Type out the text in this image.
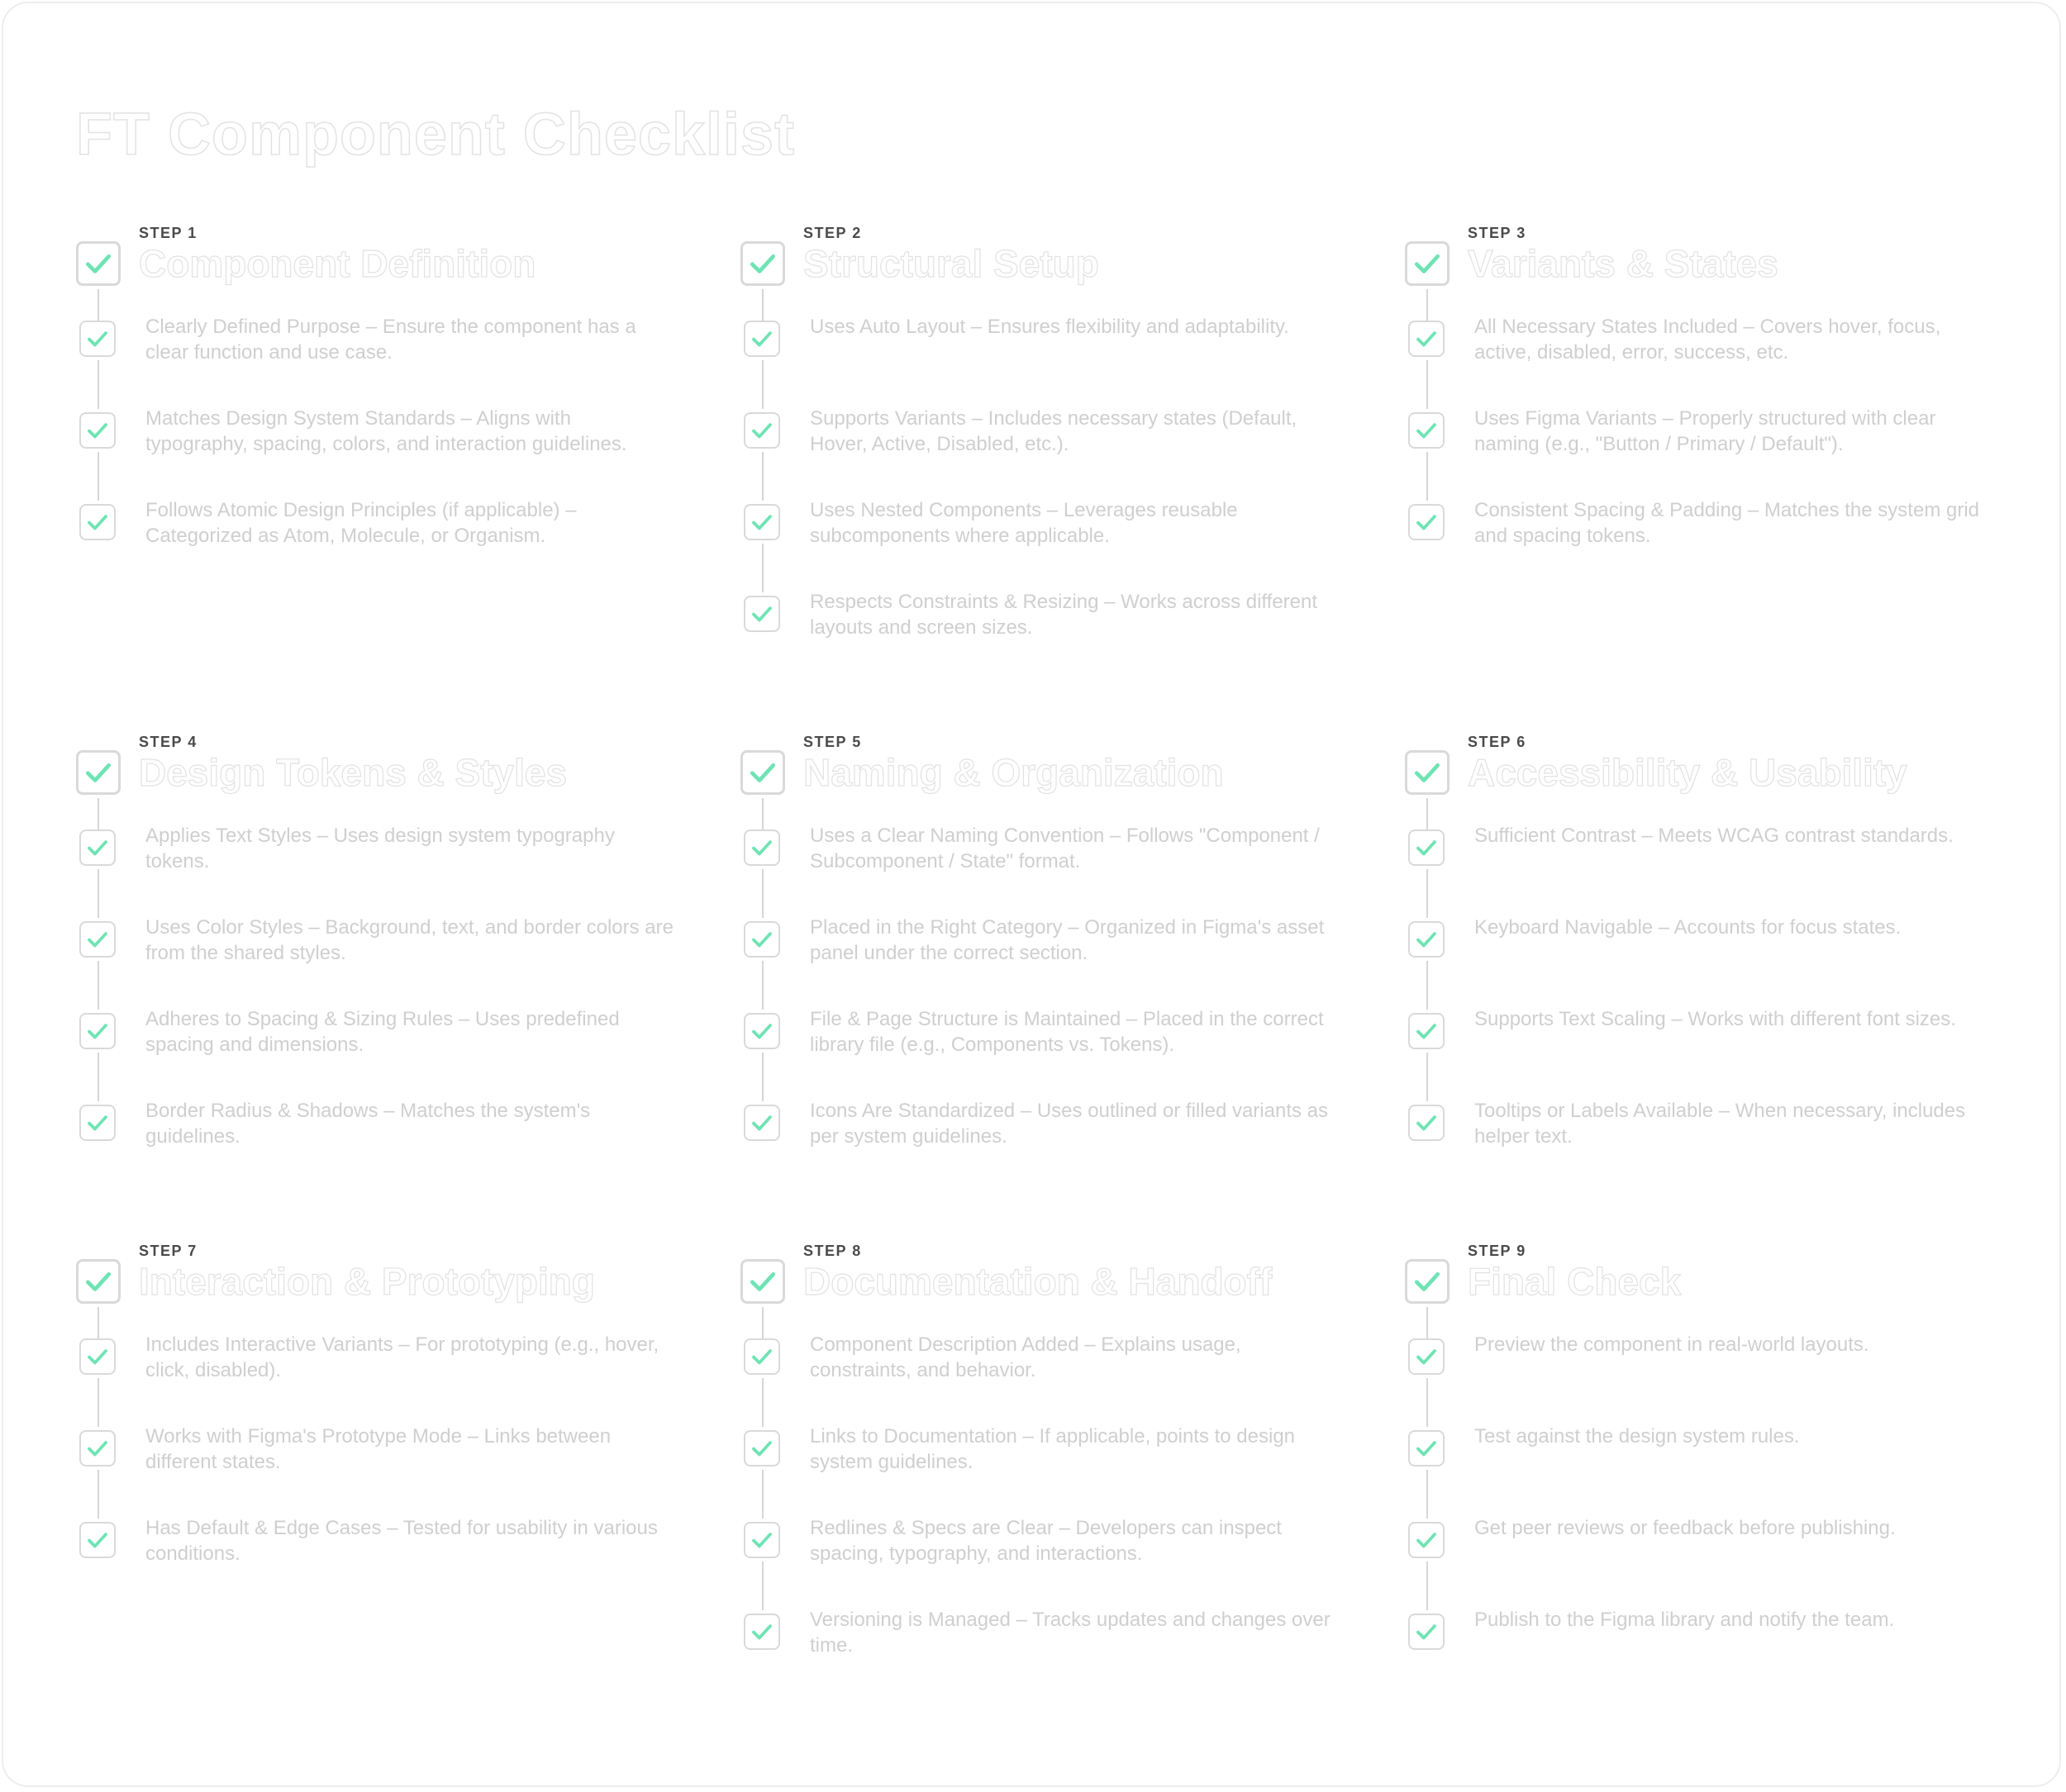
FT Component Checklist
STEP 1
Component Definition
Clearly Defined Purpose – Ensure the component has a clear function and use case.
Matches Design System Standards – Aligns with typography, spacing, colors, and interaction guidelines.
Follows Atomic Design Principles (if applicable) – Categorized as Atom, Molecule, or Organism.
STEP 2
Structural Setup
Uses Auto Layout – Ensures flexibility and adaptability.
Supports Variants – Includes necessary states (Default, Hover, Active, Disabled, etc.).
Uses Nested Components – Leverages reusable subcomponents where applicable.
Respects Constraints & Resizing – Works across different layouts and screen sizes.
STEP 3
Variants & States
All Necessary States Included – Covers hover, focus, active, disabled, error, success, etc.
Uses Figma Variants – Properly structured with clear naming (e.g., "Button / Primary / Default").
Consistent Spacing & Padding – Matches the system grid and spacing tokens.
STEP 4
Design Tokens & Styles
Applies Text Styles – Uses design system typography tokens.
Uses Color Styles – Background, text, and border colors are from the shared styles.
Adheres to Spacing & Sizing Rules – Uses predefined spacing and dimensions.
Border Radius & Shadows – Matches the system's guidelines.
STEP 5
Naming & Organization
Uses a Clear Naming Convention – Follows "Component / Subcomponent / State" format.
Placed in the Right Category – Organized in Figma's asset panel under the correct section.
File & Page Structure is Maintained – Placed in the correct library file (e.g., Components vs. Tokens).
Icons Are Standardized – Uses outlined or filled variants as per system guidelines.
STEP 6
Accessibility & Usability
Sufficient Contrast – Meets WCAG contrast standards.
Keyboard Navigable – Accounts for focus states.
Supports Text Scaling – Works with different font sizes.
Tooltips or Labels Available – When necessary, includes helper text.
STEP 7
Interaction & Prototyping
Includes Interactive Variants – For prototyping (e.g., hover, click, disabled).
Works with Figma's Prototype Mode – Links between different states.
Has Default & Edge Cases – Tested for usability in various conditions.
STEP 8
Documentation & Handoff
Component Description Added – Explains usage, constraints, and behavior.
Links to Documentation – If applicable, points to design system guidelines.
Redlines & Specs are Clear – Developers can inspect spacing, typography, and interactions.
Versioning is Managed – Tracks updates and changes over time.
STEP 9
Final Check
Preview the component in real-world layouts.
Test against the design system rules.
Get peer reviews or feedback before publishing.
Publish to the Figma library and notify the team.
